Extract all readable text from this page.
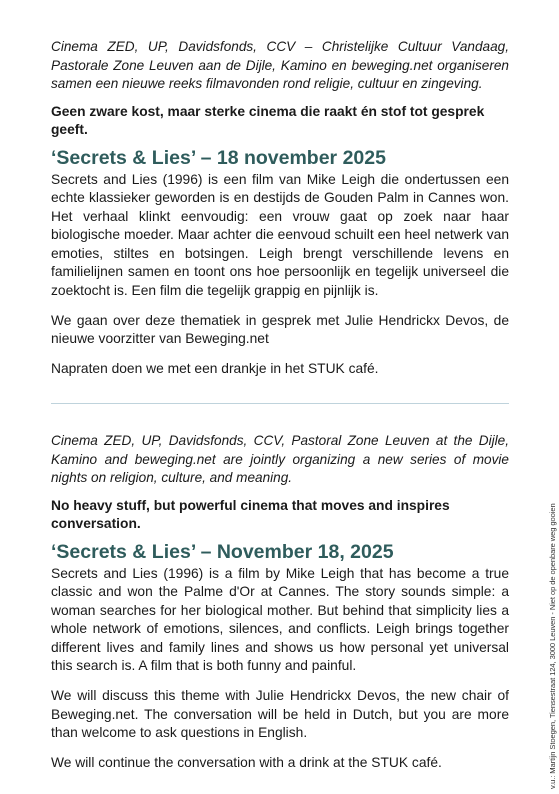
Cinema ZED, UP, Davidsfonds, CCV – Christelijke Cultuur Vandaag, Pastorale Zone Leuven aan de Dijle, Kamino en beweging.net organiseren samen een nieuwe reeks filmavonden rond religie, cultuur en zingeving.

Geen zware kost, maar sterke cinema die raakt én stof tot gesprek geeft.

‘Secrets & Lies’ – 18 november 2025

Secrets and Lies (1996) is een film van Mike Leigh die ondertussen een echte klassieker geworden is en destijds de Gouden Palm in Cannes won. Het verhaal klinkt eenvoudig: een vrouw gaat op zoek naar haar biologische moeder. Maar achter die eenvoud schuilt een heel netwerk van emoties, stiltes en botsingen. Leigh brengt verschillende levens en familielijnen samen en toont ons hoe persoonlijk en tegelijk universeel die zoektocht is. Een film die tegelijk grappig en pijnlijk is.

We gaan over deze thematiek in gesprek met Julie Hendrickx Devos, de nieuwe voorzitter van Beweging.net

Napraten doen we met een drankje in het STUK café.

Cinema ZED, UP, Davidsfonds, CCV, Pastoral Zone Leuven at the Dijle, Kamino and beweging.net are jointly organizing a new series of movie nights on religion, culture, and meaning.

No heavy stuff, but powerful cinema that moves and inspires conversation.

‘Secrets & Lies’ – November 18, 2025

Secrets and Lies (1996) is a film by Mike Leigh that has become a true classic and won the Palme d'Or at Cannes. The story sounds simple: a woman searches for her biological mother. But behind that simplicity lies a whole network of emotions, silences, and conflicts. Leigh brings together different lives and family lines and shows us how personal yet universal this search is. A film that is both funny and painful.

We will discuss this theme with Julie Hendrickx Devos, the new chair of Beweging.net. The conversation will be held in Dutch, but you are more than welcome to ask questions in English.

We will continue the conversation with a drink at the STUK café.	v.u.: Martijn Stoegen, Tiensestraat 124, 3000 Leuven - Niet op de openbare weg gooien
